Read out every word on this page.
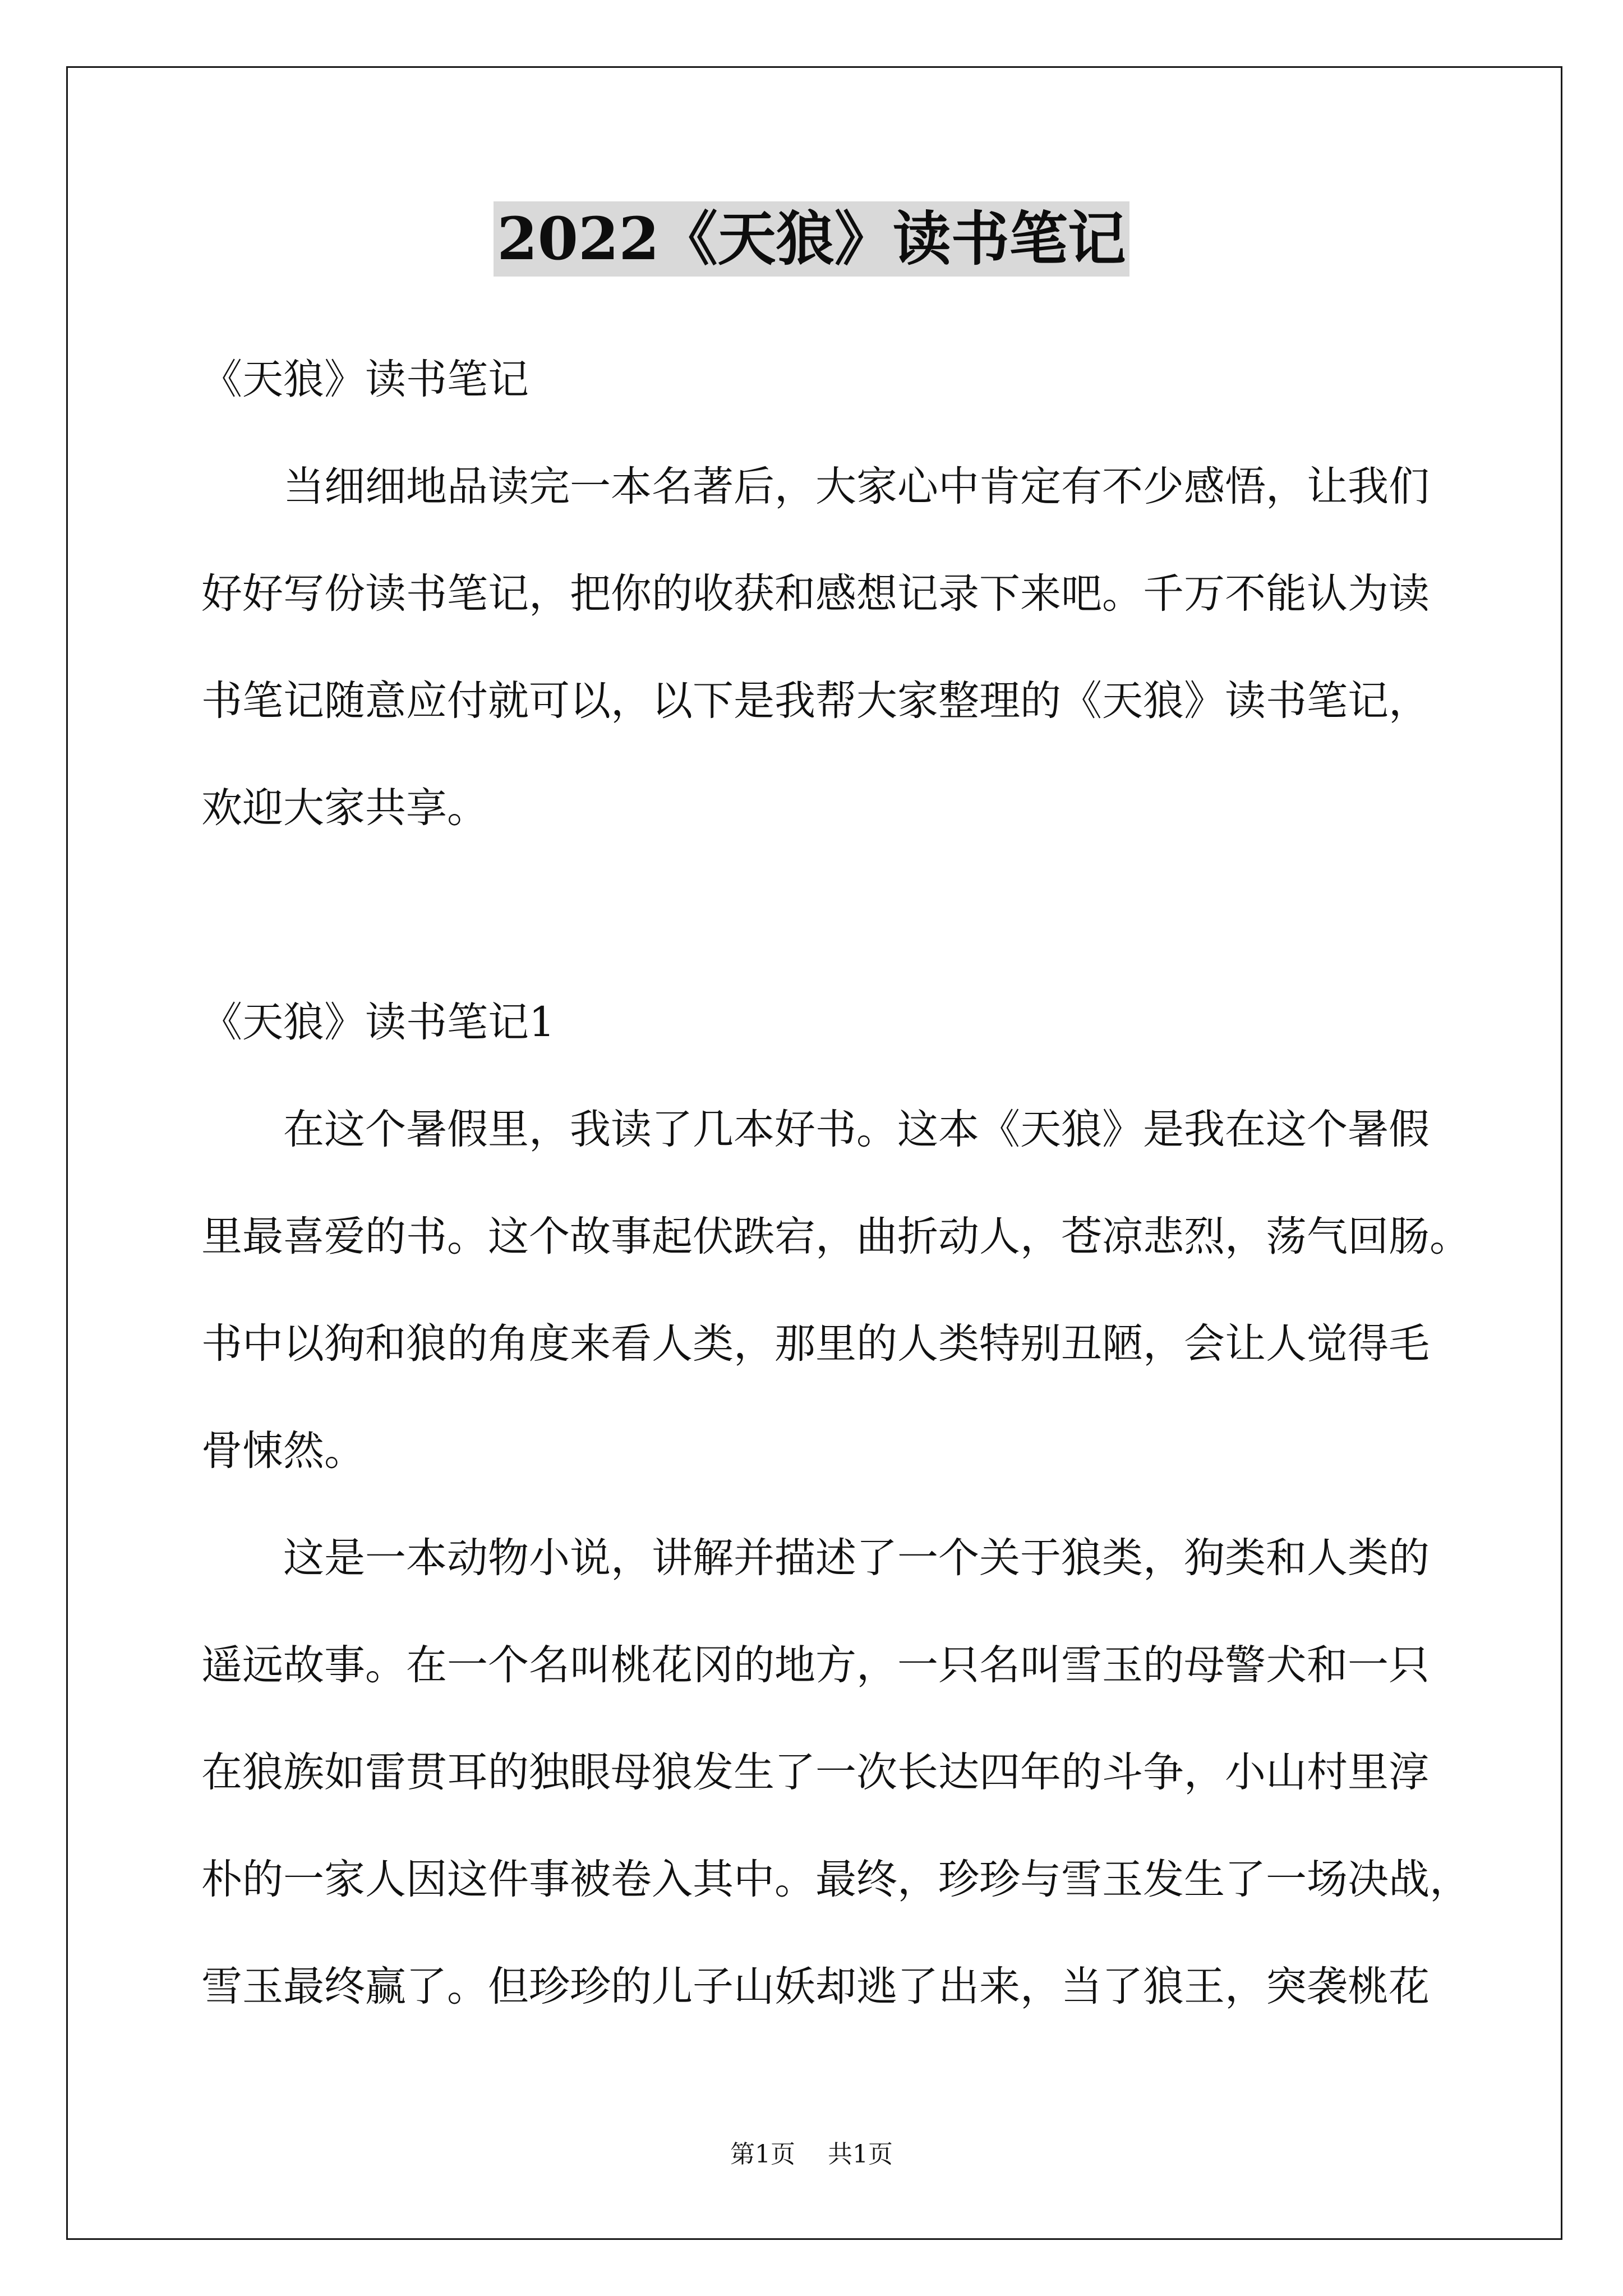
2022《天狼》读书笔记
《天狼》读书笔记
当细细地品读完一本名著后，大家心中肯定有不少感悟，让我们
好好写份读书笔记，把你的收获和感想记录下来吧。千万不能认为读
书笔记随意应付就可以，以下是我帮大家整理的《天狼》读书笔记，
欢迎大家共享。
《天狼》读书笔记1
在这个暑假里，我读了几本好书。这本《天狼》是我在这个暑假
里最喜爱的书。这个故事起伏跌宕，曲折动人，苍凉悲烈，荡气回肠。
书中以狗和狼的角度来看人类，那里的人类特别丑陋，会让人觉得毛
骨悚然。
这是一本动物小说，讲解并描述了一个关于狼类，狗类和人类的
遥远故事。在一个名叫桃花冈的地方，一只名叫雪玉的母警犬和一只
在狼族如雷贯耳的独眼母狼发生了一次长达四年的斗争，小山村里淳
朴的一家人因这件事被卷入其中。最终，珍珍与雪玉发生了一场决战，
雪玉最终赢了。但珍珍的儿子山妖却逃了出来，当了狼王，突袭桃花
第1页 共1页
